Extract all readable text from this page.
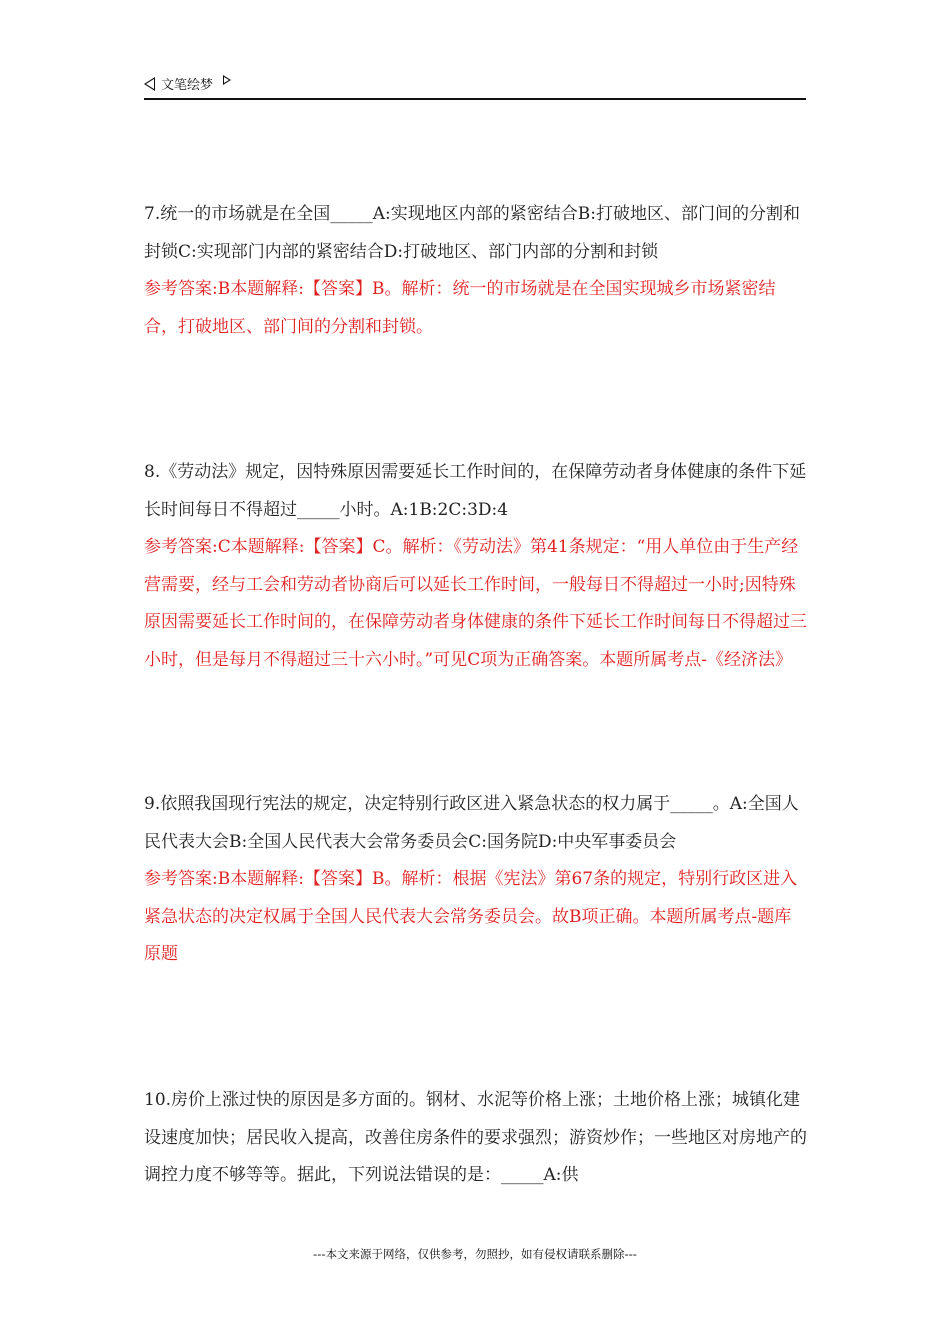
文笔绘梦

7.统一的市场就是在全国_____A:实现地区内部的紧密结合B:打破地区、部门间的分割和封锁C:实现部门内部的紧密结合D:打破地区、部门内部的分割和封锁

参考答案:B本题解释:【答案】B。解析：统一的市场就是在全国实现城乡市场紧密结合，打破地区、部门间的分割和封锁。

8.《劳动法》规定，因特殊原因需要延长工作时间的，在保障劳动者身体健康的条件下延长时间每日不得超过_____小时。A:1B:2C:3D:4

参考答案:C本题解释:【答案】C。解析：《劳动法》第41条规定：“用人单位由于生产经营需要，经与工会和劳动者协商后可以延长工作时间，一般每日不得超过一小时;因特殊原因需要延长工作时间的，在保障劳动者身体健康的条件下延长工作时间每日不得超过三小时，但是每月不得超过三十六小时。”可见C项为正确答案。本题所属考点-《经济法》

9.依照我国现行宪法的规定，决定特别行政区进入紧急状态的权力属于_____。A:全国人民代表大会B:全国人民代表大会常务委员会C:国务院D:中央军事委员会

参考答案:B本题解释:【答案】B。解析：根据《宪法》第67条的规定，特别行政区进入紧急状态的决定权属于全国人民代表大会常务委员会。故B项正确。本题所属考点-题库原题

10.房价上涨过快的原因是多方面的。钢材、水泥等价格上涨；土地价格上涨；城镇化建设速度加快；居民收入提高，改善住房条件的要求强烈；游资炒作；一些地区对房地产的调控力度不够等等。据此，下列说法错误的是：_____A:供

---本文来源于网络，仅供参考，勿照抄，如有侵权请联系删除---
